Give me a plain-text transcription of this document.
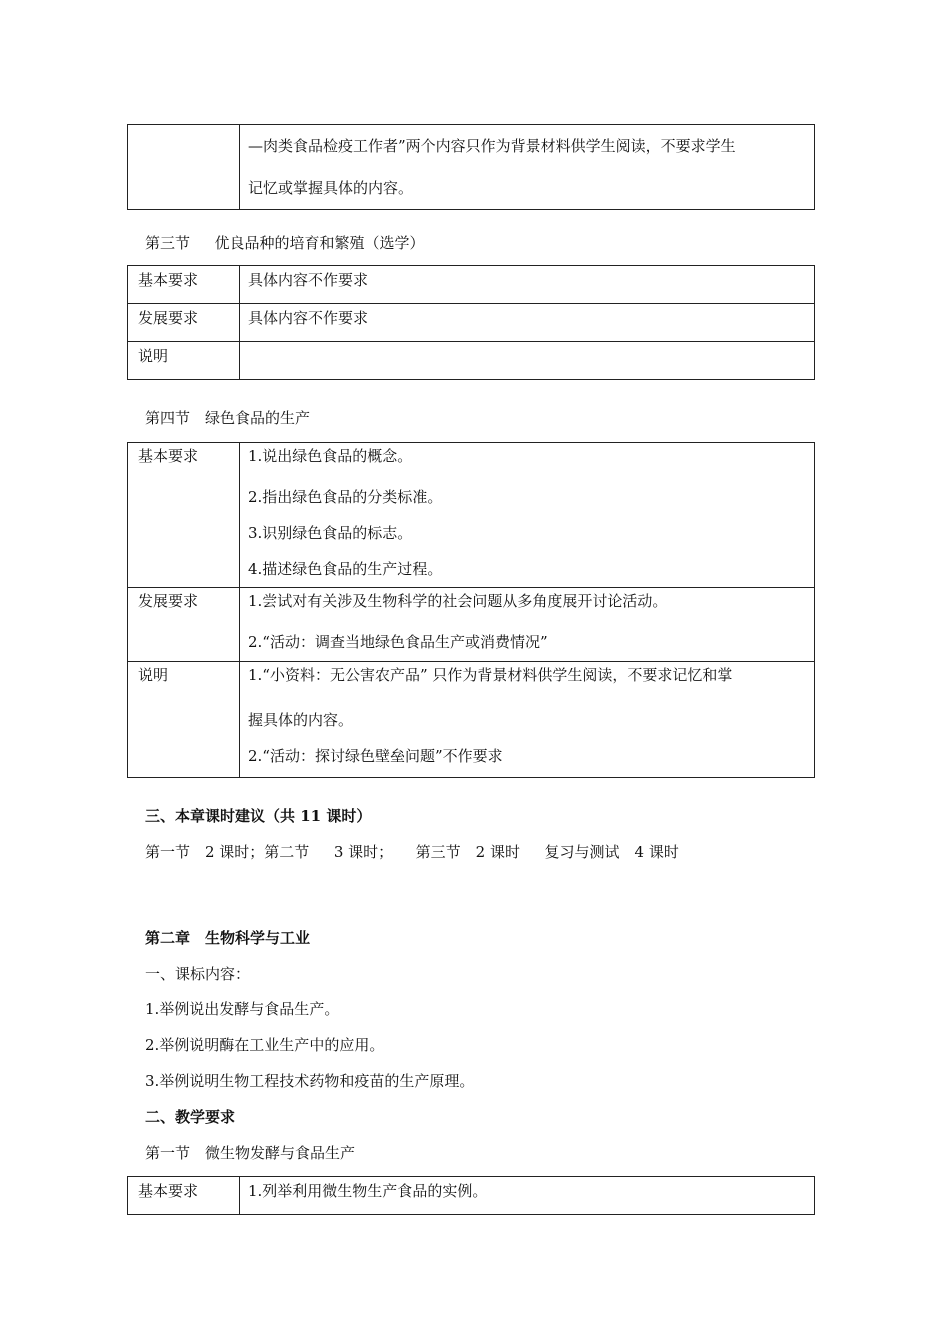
—肉类食品检疫工作者”两个内容只作为背景材料供学生阅读，不要求学生
记忆或掌握具体的内容。
第三节　  优良品种的培育和繁殖（选学）
基本要求	具体内容不作要求

发展要求	具体内容不作要求

说明	
第四节　绿色食品的生产
基本要求	1.说出绿色食品的概念。
2.指出绿色食品的分类标准。
3.识别绿色食品的标志。
4.描述绿色食品的生产过程。

发展要求	1.尝试对有关涉及生物科学的社会问题从多角度展开讨论活动。
2.“活动：调查当地绿色食品生产或消费情况”

说明	1.“小资料：无公害农产品” 只作为背景材料供学生阅读，不要求记忆和掌
握具体的内容。
2.“活动：探讨绿色壁垒问题”不作要求
三、本章课时建议（共 11 课时）
第一节　2 课时；第二节　  3 课时；　　第三节　2 课时　  复习与测试　4 课时
第二章　生物科学与工业
一、课标内容：
1.举例说出发酵与食品生产。
2.举例说明酶在工业生产中的应用。
3.举例说明生物工程技术药物和疫苗的生产原理。
二、教学要求
第一节　微生物发酵与食品生产
基本要求	1.列举利用微生物生产食品的实例。
